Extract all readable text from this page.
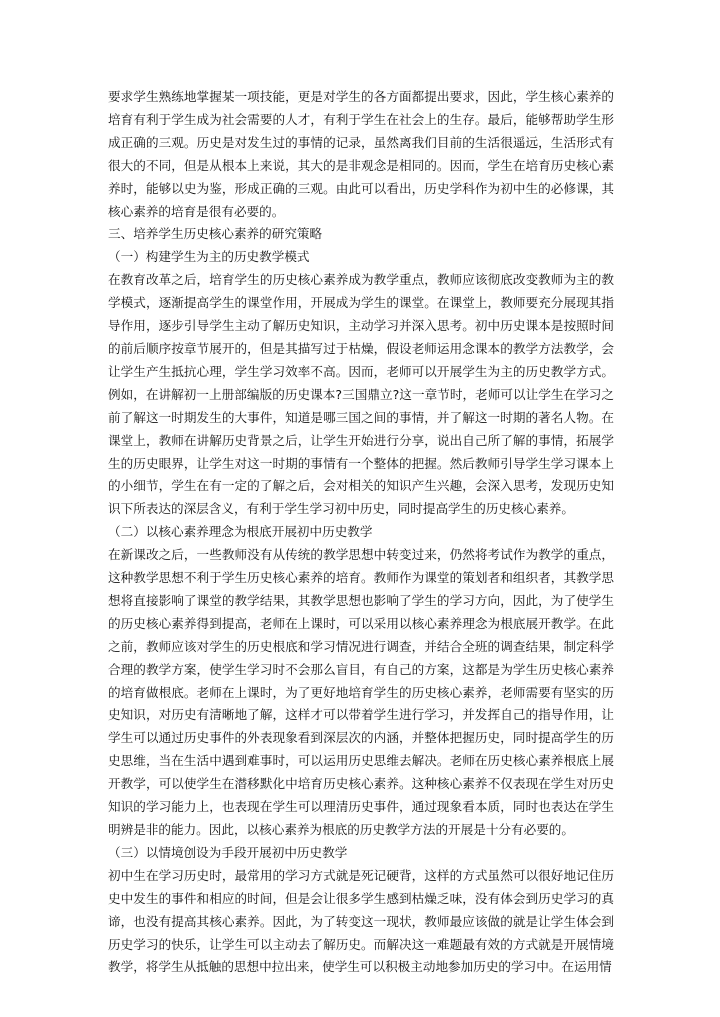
要求学生熟练地掌握某一项技能，更是对学生的各方面都提出要求，因此，学生核心素养的培育有利于学生成为社会需要的人才，有利于学生在社会上的生存。最后，能够帮助学生形成正确的三观。历史是对发生过的事情的记录，虽然离我们目前的生活很遥远，生活形式有很大的不同，但是从根本上来说，其大的是非观念是相同的。因而，学生在培育历史核心素养时，能够以史为鉴，形成正确的三观。由此可以看出，历史学科作为初中生的必修课，其核心素养的培育是很有必要的。

三、培养学生历史核心素养的研究策略

（一）构建学生为主的历史教学模式

在教育改革之后，培育学生的历史核心素养成为教学重点，教师应该彻底改变教师为主的教学模式，逐渐提高学生的课堂作用，开展成为学生的课堂。在课堂上，教师要充分展现其指导作用，逐步引导学生主动了解历史知识，主动学习并深入思考。初中历史课本是按照时间的前后顺序按章节展开的，但是其描写过于枯燥，假设老师运用念课本的教学方法教学，会让学生产生抵抗心理，学生学习效率不高。因而，老师可以开展学生为主的历史教学方式。例如，在讲解初一上册部编版的历史课本?三国鼎立?这一章节时，老师可以让学生在学习之前了解这一时期发生的大事件，知道是哪三国之间的事情，并了解这一时期的著名人物。在课堂上，教师在讲解历史背景之后，让学生开始进行分享，说出自己所了解的事情，拓展学生的历史眼界，让学生对这一时期的事情有一个整体的把握。然后教师引导学生学习课本上的小细节，学生在有一定的了解之后，会对相关的知识产生兴趣，会深入思考，发现历史知识下所表达的深层含义，有利于学生学习初中历史，同时提高学生的历史核心素养。

（二）以核心素养理念为根底开展初中历史教学

在新课改之后，一些教师没有从传统的教学思想中转变过来，仍然将考试作为教学的重点，这种教学思想不利于学生历史核心素养的培育。教师作为课堂的策划者和组织者，其教学思想将直接影响了课堂的教学结果，其教学思想也影响了学生的学习方向，因此，为了使学生的历史核心素养得到提高，老师在上课时，可以采用以核心素养理念为根底展开教学。在此之前，教师应该对学生的历史根底和学习情况进行调查，并结合全班的调查结果，制定科学合理的教学方案，使学生学习时不会那么盲目，有自己的方案，这都是为学生历史核心素养的培育做根底。老师在上课时，为了更好地培育学生的历史核心素养，老师需要有坚实的历史知识，对历史有清晰地了解，这样才可以带着学生进行学习，并发挥自己的指导作用，让学生可以通过历史事件的外表现象看到深层次的内涵，并整体把握历史，同时提高学生的历史思维，当在生活中遇到难事时，可以运用历史思维去解决。老师在历史核心素养根底上展开教学，可以使学生在潜移默化中培育历史核心素养。这种核心素养不仅表现在学生对历史知识的学习能力上，也表现在学生可以理清历史事件，通过现象看本质，同时也表达在学生明辨是非的能力。因此，以核心素养为根底的历史教学方法的开展是十分有必要的。

（三）以情境创设为手段开展初中历史教学

初中生在学习历史时，最常用的学习方式就是死记硬背，这样的方式虽然可以很好地记住历史中发生的事件和相应的时间，但是会让很多学生感到枯燥乏味，没有体会到历史学习的真谛，也没有提高其核心素养。因此，为了转变这一现状，教师最应该做的就是让学生体会到历史学习的快乐，让学生可以主动去了解历史。而解决这一难题最有效的方式就是开展情境教学，将学生从抵触的思想中拉出来，使学生可以积极主动地参加历史的学习中。在运用情
